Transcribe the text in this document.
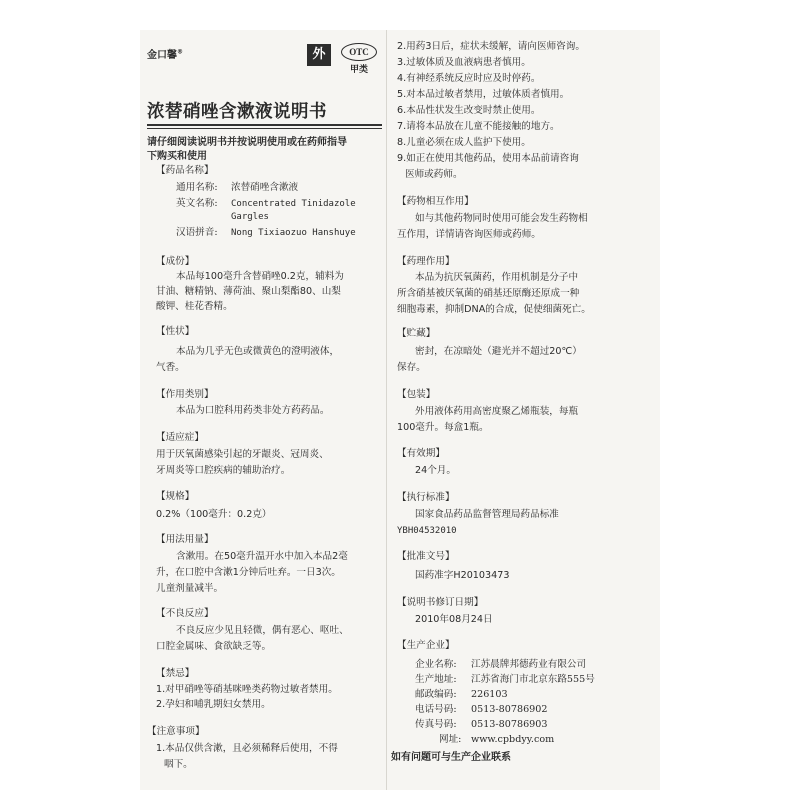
金口馨®	外	OTC
甲类
浓替硝唑含漱液说明书
请仔细阅读说明书并按说明使用或在药师指导
下购买和使用
【药品名称】
通用名称: 浓替硝唑含漱液
英文名称: Concentrated Tinidazole
Gargles
汉语拼音: Nong Tixiaozuo Hanshuye
【成份】
本品每100毫升含替硝唑0.2克，辅料为
甘油、糖精钠、薄荷油、聚山梨酯80、山梨
酸钾、桂花香精。
【性状】
本品为几乎无色或微黄色的澄明液体，
气香。
【作用类别】
本品为口腔科用药类非处方药药品。
【适应症】
用于厌氧菌感染引起的牙龈炎、冠周炎、
牙周炎等口腔疾病的辅助治疗。
【规格】
0.2%（100毫升：0.2克）
【用法用量】
含漱用。在50毫升温开水中加入本品2毫
升，在口腔中含漱1分钟后吐弃。一日3次。
儿童剂量减半。
【不良反应】
不良反应少见且轻微，偶有恶心、呕吐、
口腔金属味、食欲缺乏等。
【禁忌】
1.对甲硝唑等硝基咪唑类药物过敏者禁用。
2.孕妇和哺乳期妇女禁用。
【注意事项】
1.本品仅供含漱，且必须稀释后使用，不得
咽下。
2.用药3日后，症状未缓解，请向医师咨询。
3.过敏体质及血液病患者慎用。
4.有神经系统反应时应及时停药。
5.对本品过敏者禁用，过敏体质者慎用。
6.本品性状发生改变时禁止使用。
7.请将本品放在儿童不能接触的地方。
8.儿童必须在成人监护下使用。
9.如正在使用其他药品，使用本品前请咨询
医师或药师。
【药物相互作用】
如与其他药物同时使用可能会发生药物相
互作用，详情请咨询医师或药师。
【药理作用】
本品为抗厌氧菌药，作用机制是分子中
所含硝基被厌氧菌的硝基还原酶还原成一种
细胞毒素，抑制DNA的合成，促使细菌死亡。
【贮藏】
密封，在凉暗处（避光并不超过20℃）
保存。
【包装】
外用液体药用高密度聚乙烯瓶装，每瓶
100毫升。每盒1瓶。
【有效期】
24个月。
【执行标准】
国家食品药品监督管理局药品标准
YBH04532010
【批准文号】
国药准字H20103473
【说明书修订日期】
2010年08月24日
【生产企业】
企业名称: 江苏晨牌邦德药业有限公司
生产地址: 江苏省海门市北京东路555号
邮政编码: 226103
电话号码: 0513-80786902
传真号码: 0513-80786903
网址: www.cpbdyy.com
如有问题可与生产企业联系
